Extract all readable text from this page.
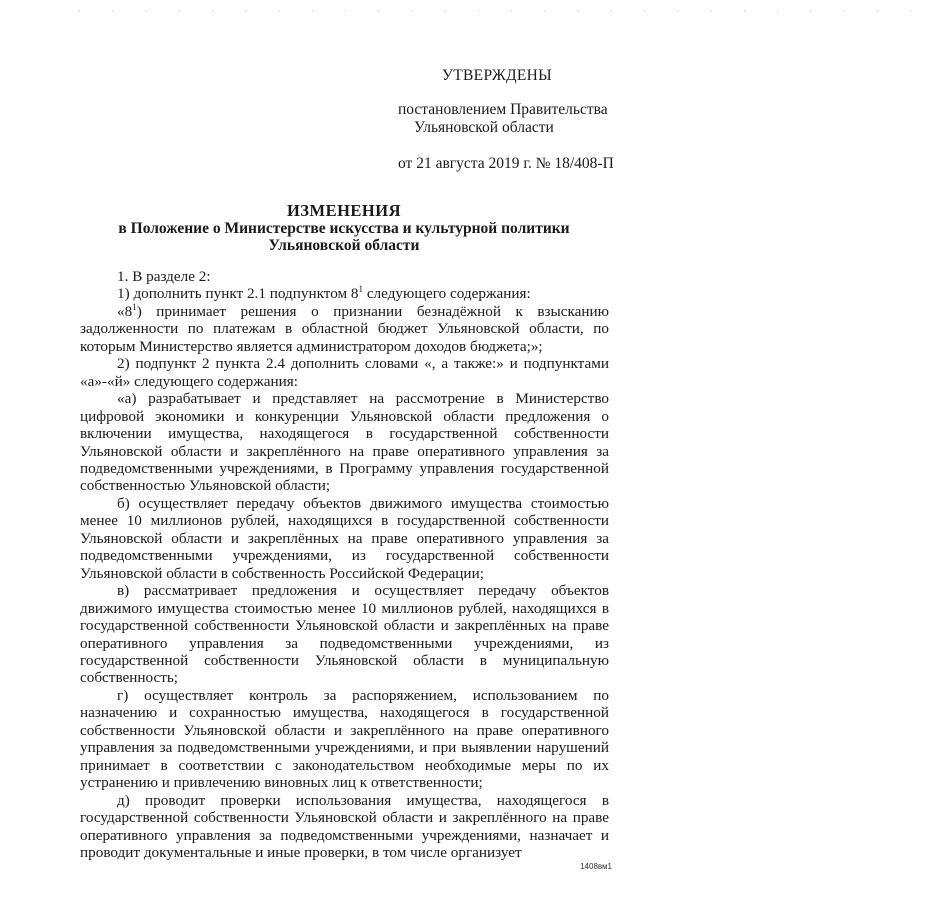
· · · · · · · · · · · · · · · · · · · · · · · · · ·
УТВЕРЖДЕНЫ
постановлением Правительства
Ульяновской области
от 21 августа 2019 г. № 18/408-П
ИЗМЕНЕНИЯ
в Положение о Министерстве искусства и культурной политики
Ульяновской области

1. В разделе 2:

1) дополнить пункт 2.1 подпунктом $8^1$ следующего содержания:

«$8^1$) принимает решения о признании безнадёжной к взысканию задолженности по платежам в областной бюджет Ульяновской области, по которым Министерство является администратором доходов бюджета;»;

2) подпункт 2 пункта 2.4 дополнить словами «, а также:» и подпунктами «а»-«й» следующего содержания:

«а) разрабатывает и представляет на рассмотрение в Министерство цифровой экономики и конкуренции Ульяновской области предложения о включении имущества, находящегося в государственной собственности Ульяновской области и закреплённого на праве оперативного управления за подведомственными учреждениями, в Программу управления государственной собственностью Ульяновской области;

б) осуществляет передачу объектов движимого имущества стоимостью менее 10 миллионов рублей, находящихся в государственной собственности Ульяновской области и закреплённых на праве оперативного управления за подведомственными учреждениями, из государственной собственности Ульяновской области в собственность Российской Федерации;

в) рассматривает предложения и осуществляет передачу объектов движимого имущества стоимостью менее 10 миллионов рублей, находящихся в государственной собственности Ульяновской области и закреплённых на праве оперативного управления за подведомственными учреждениями, из государственной собственности Ульяновской области в муниципальную собственность;

г) осуществляет контроль за распоряжением, использованием по назначению и сохранностью имущества, находящегося в государственной собственности Ульяновской области и закреплённого на праве оперативного управления за подведомственными учреждениями, и при выявлении нарушений принимает в соответствии с законодательством необходимые меры по их устранению и привлечению виновных лиц к ответственности;

д) проводит проверки использования имущества, находящегося в государственной собственности Ульяновской области и закреплённого на праве оперативного управления за подведомственными учреждениями, назначает и проводит документальные и иные проверки, в том числе организует

1408вм1
